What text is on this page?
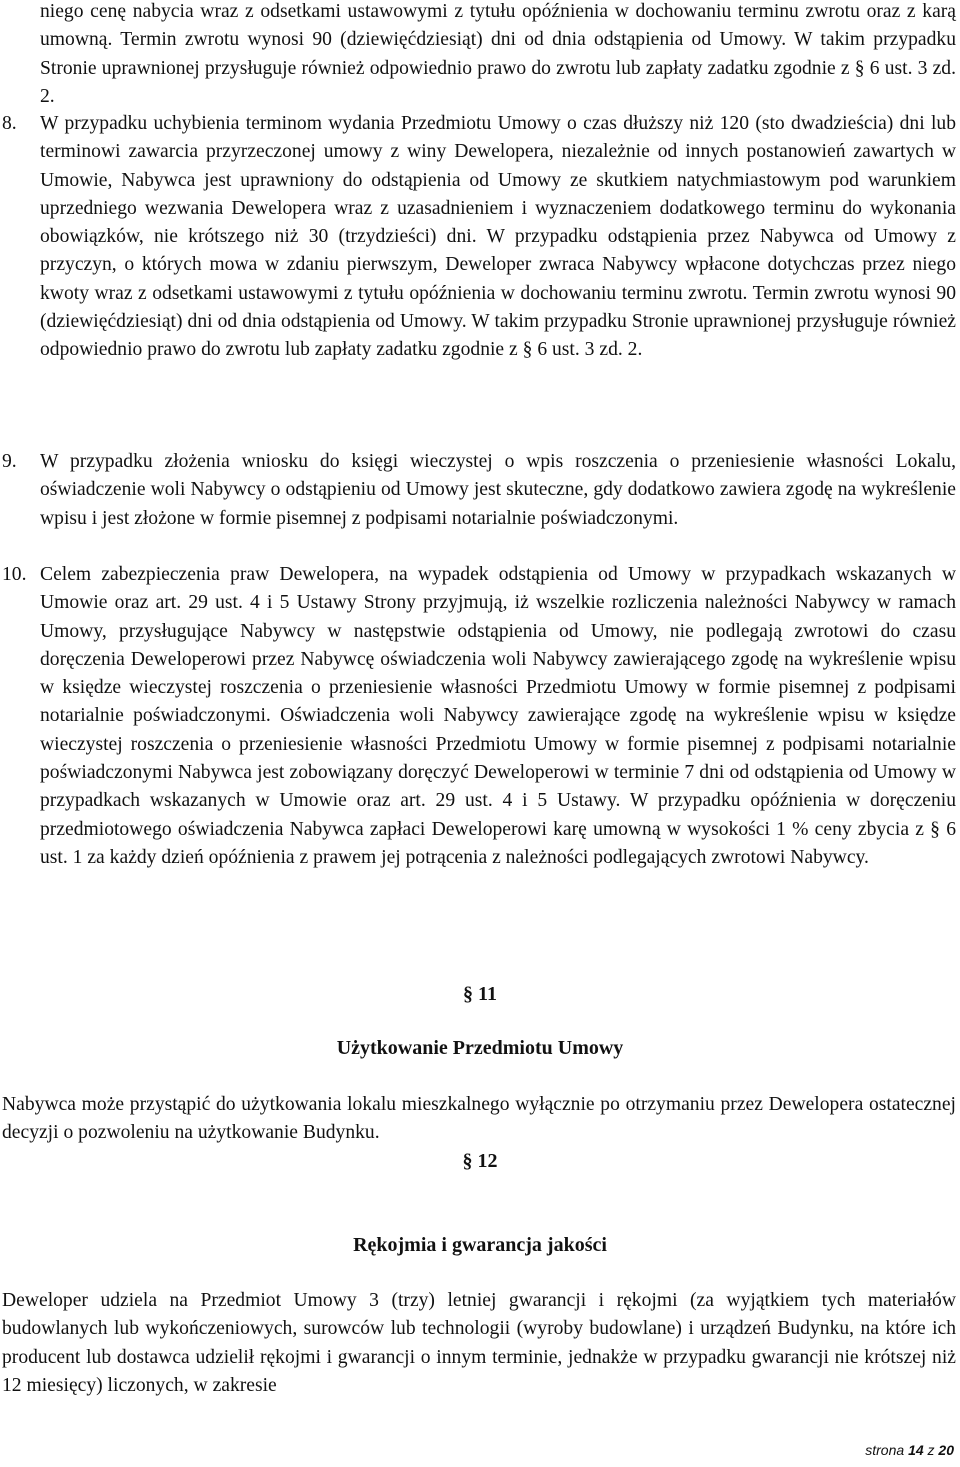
niego cenę nabycia wraz z odsetkami ustawowymi z tytułu opóźnienia w dochowaniu terminu zwrotu oraz z karą umowną. Termin zwrotu wynosi 90 (dziewięćdziesiąt) dni od dnia odstąpienia od Umowy. W takim przypadku Stronie uprawnionej przysługuje również odpowiednio prawo do zwrotu lub zapłaty zadatku zgodnie z § 6 ust. 3 zd. 2.

8. W przypadku uchybienia terminom wydania Przedmiotu Umowy o czas dłuższy niż 120 (sto dwadzieścia) dni lub terminowi zawarcia przyrzeczonej umowy z winy Dewelopera, niezależnie od innych postanowień zawartych w Umowie, Nabywca jest uprawniony do odstąpienia od Umowy ze skutkiem natychmiastowym pod warunkiem uprzedniego wezwania Dewelopera wraz z uzasadnieniem i wyznaczeniem dodatkowego terminu do wykonania obowiązków, nie krótszego niż 30 (trzydzieści) dni. W przypadku odstąpienia przez Nabywca od Umowy z przyczyn, o których mowa w zdaniu pierwszym, Deweloper zwraca Nabywcy wpłacone dotychczas przez niego kwoty wraz z odsetkami ustawowymi z tytułu opóźnienia w dochowaniu terminu zwrotu. Termin zwrotu wynosi 90 (dziewięćdziesiąt) dni od dnia odstąpienia od Umowy. W takim przypadku Stronie uprawnionej przysługuje również odpowiednio prawo do zwrotu lub zapłaty zadatku zgodnie z § 6 ust. 3 zd. 2.
9. W przypadku złożenia wniosku do księgi wieczystej o wpis roszczenia o przeniesienie własności Lokalu, oświadczenie woli Nabywcy o odstąpieniu od Umowy jest skuteczne, gdy dodatkowo zawiera zgodę na wykreślenie wpisu i jest złożone w formie pisemnej z podpisami notarialnie poświadczonymi.
10. Celem zabezpieczenia praw Dewelopera, na wypadek odstąpienia od Umowy w przypadkach wskazanych w Umowie oraz art. 29 ust. 4 i 5 Ustawy Strony przyjmują, iż wszelkie rozliczenia należności Nabywcy w ramach Umowy, przysługujące Nabywcy w następstwie odstąpienia od Umowy, nie podlegają zwrotowi do czasu doręczenia Deweloperowi przez Nabywcę oświadczenia woli Nabywcy zawierającego zgodę na wykreślenie wpisu w księdze wieczystej roszczenia o przeniesienie własności Przedmiotu Umowy w formie pisemnej z podpisami notarialnie poświadczonymi. Oświadczenia woli Nabywcy zawierające zgodę na wykreślenie wpisu w księdze wieczystej roszczenia o przeniesienie własności Przedmiotu Umowy w formie pisemnej z podpisami notarialnie poświadczonymi Nabywca jest zobowiązany doręczyć Deweloperowi w terminie 7 dni od odstąpienia od Umowy w przypadkach wskazanych w Umowie oraz art. 29 ust. 4 i 5 Ustawy. W przypadku opóźnienia w doręczeniu przedmiotowego oświadczenia Nabywca zapłaci Deweloperowi karę umowną w wysokości 1 % ceny zbycia z § 6 ust. 1 za każdy dzień opóźnienia z prawem jej potrącenia z należności podlegających zwrotowi Nabywcy.

§ 11

Użytkowanie Przedmiotu Umowy

Nabywca może przystąpić do użytkowania lokalu mieszkalnego wyłącznie po otrzymaniu przez Dewelopera ostatecznej decyzji o pozwoleniu na użytkowanie Budynku.

§ 12

Rękojmia i gwarancja jakości

Deweloper udziela na Przedmiot Umowy 3 (trzy) letniej gwarancji i rękojmi (za wyjątkiem tych materiałów budowlanych lub wykończeniowych, surowców lub technologii (wyroby budowlane) i urządzeń Budynku, na które ich producent lub dostawca udzielił rękojmi i gwarancji o innym terminie, jednakże w przypadku gwarancji nie krótszej niż 12 miesięcy) liczonych, w zakresie

strona 14 z 20
